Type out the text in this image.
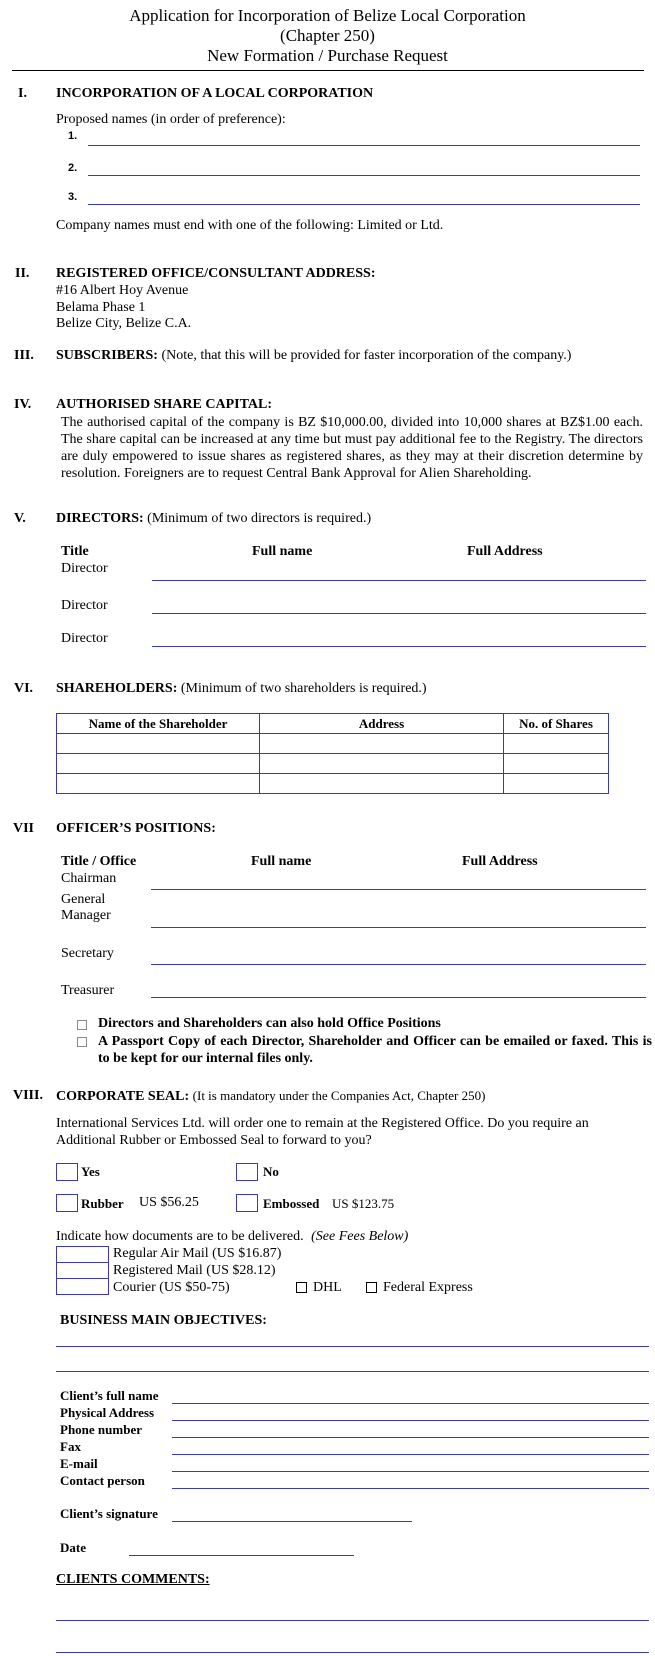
Application for Incorporation of Belize Local Corporation
(Chapter 250)
New Formation / Purchase Request
I. INCORPORATION OF A LOCAL CORPORATION
Proposed names (in order of preference):
1.
2.
3.
Company names must end with one of the following: Limited or Ltd.
II. REGISTERED OFFICE/CONSULTANT ADDRESS:
#16 Albert Hoy Avenue
Belama Phase 1
Belize City, Belize C.A.
III. SUBSCRIBERS: (Note, that this will be provided for faster incorporation of the company.)
IV. AUTHORISED SHARE CAPITAL:
The authorised capital of the company is BZ $10,000.00, divided into 10,000 shares at BZ$1.00 each. The share capital can be increased at any time but must pay additional fee to the Registry. The directors are duly empowered to issue shares as registered shares, as they may at their discretion determine by resolution. Foreigners are to request Central Bank Approval for Alien Shareholding.
V. DIRECTORS: (Minimum of two directors is required.)
Title	Full name	Full Address
Director
Director
Director
VI. SHAREHOLDERS: (Minimum of two shareholders is required.)
Name of the Shareholder	Address	No. of Shares

VII OFFICER’S POSITIONS:
Title / Office	Full name	Full Address
Chairman
General
Manager
Secretary
Treasurer
Directors and Shareholders can also hold Office Positions
A Passport Copy of each Director, Shareholder and Officer can be emailed or faxed. This is to be kept for our internal files only.
VIII. CORPORATE SEAL: (It is mandatory under the Companies Act, Chapter 250)
International Services Ltd. will order one to remain at the Registered Office. Do you require an Additional Rubber or Embossed Seal to forward to you?
Yes	No
Rubber US $56.25	Embossed US $123.75
Indicate how documents are to be delivered. (See Fees Below)
Regular Air Mail (US $16.87)
Registered Mail (US $28.12)
Courier (US $50-75)	DHL	Federal Express
BUSINESS MAIN OBJECTIVES:
Client’s full name
Physical Address
Phone number
Fax
E-mail
Contact person
Client’s signature
Date
CLIENTS COMMENTS:
